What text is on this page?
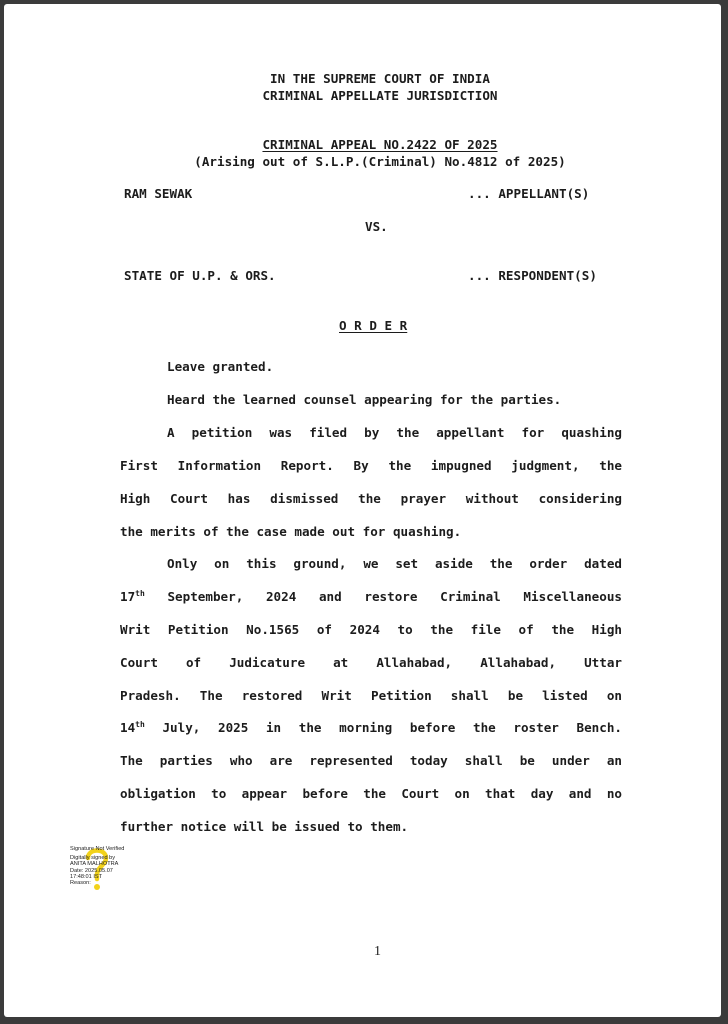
IN THE SUPREME COURT OF INDIA
CRIMINAL APPELLATE JURISDICTION
CRIMINAL APPEAL NO.2422 OF 2025
(Arising out of S.L.P.(Criminal) No.4812 of 2025)
RAM SEWAK	... APPELLANT(S)
VS.
STATE OF U.P. & ORS.	... RESPONDENT(S)
O R D E R
Leave granted.
Heard the learned counsel appearing for the parties.
A petition was filed by the appellant for quashing
First Information Report. By the impugned judgment, the
High Court has dismissed the prayer without considering
the merits of the case made out for quashing.
Only on this ground, we set aside the order dated
17th September, 2024 and restore Criminal Miscellaneous
Writ Petition No.1565 of 2024 to the file of the High
Court of Judicature at Allahabad, Allahabad, Uttar
Pradesh. The restored Writ Petition shall be listed on
14th July, 2025 in the morning before the roster Bench.
The parties who are represented today shall be under an
obligation to appear before the Court on that day and no
further notice will be issued to them.
Signature Not Verified
Digitally signed by
ANITA MALHOTRA
Date: 2025.05.07
17:48:01 IST
Reason:
1
